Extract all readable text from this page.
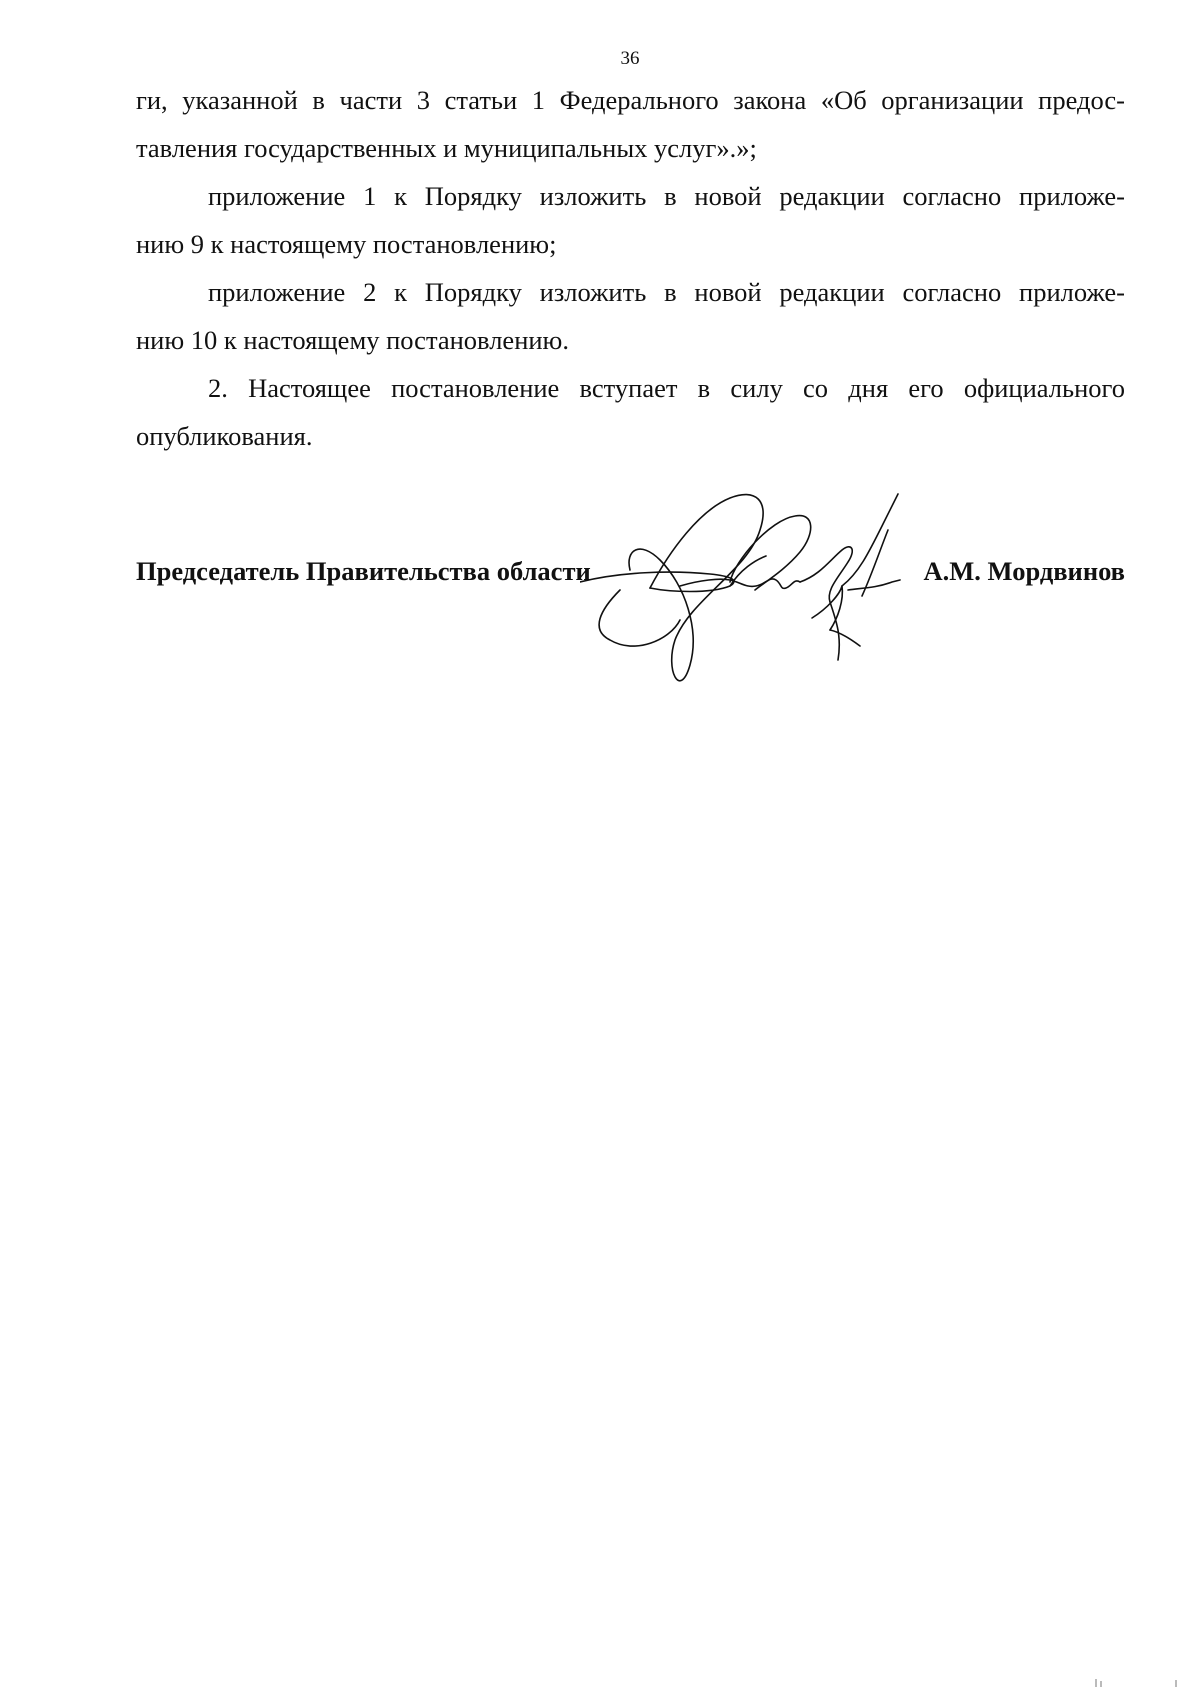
36

ги, указанной в части 3 статьи 1 Федерального закона «Об организации предос-
тавления государственных и муниципальных услуг».»;

приложение 1 к Порядку изложить в новой редакции согласно приложе-
нию 9 к настоящему постановлению;

приложение 2 к Порядку изложить в новой редакции согласно приложе-
нию 10 к настоящему постановлению.

2. Настоящее постановление вступает в силу со дня его официального
опубликования.

Председатель Правительства области	А.М. Мордвинов
